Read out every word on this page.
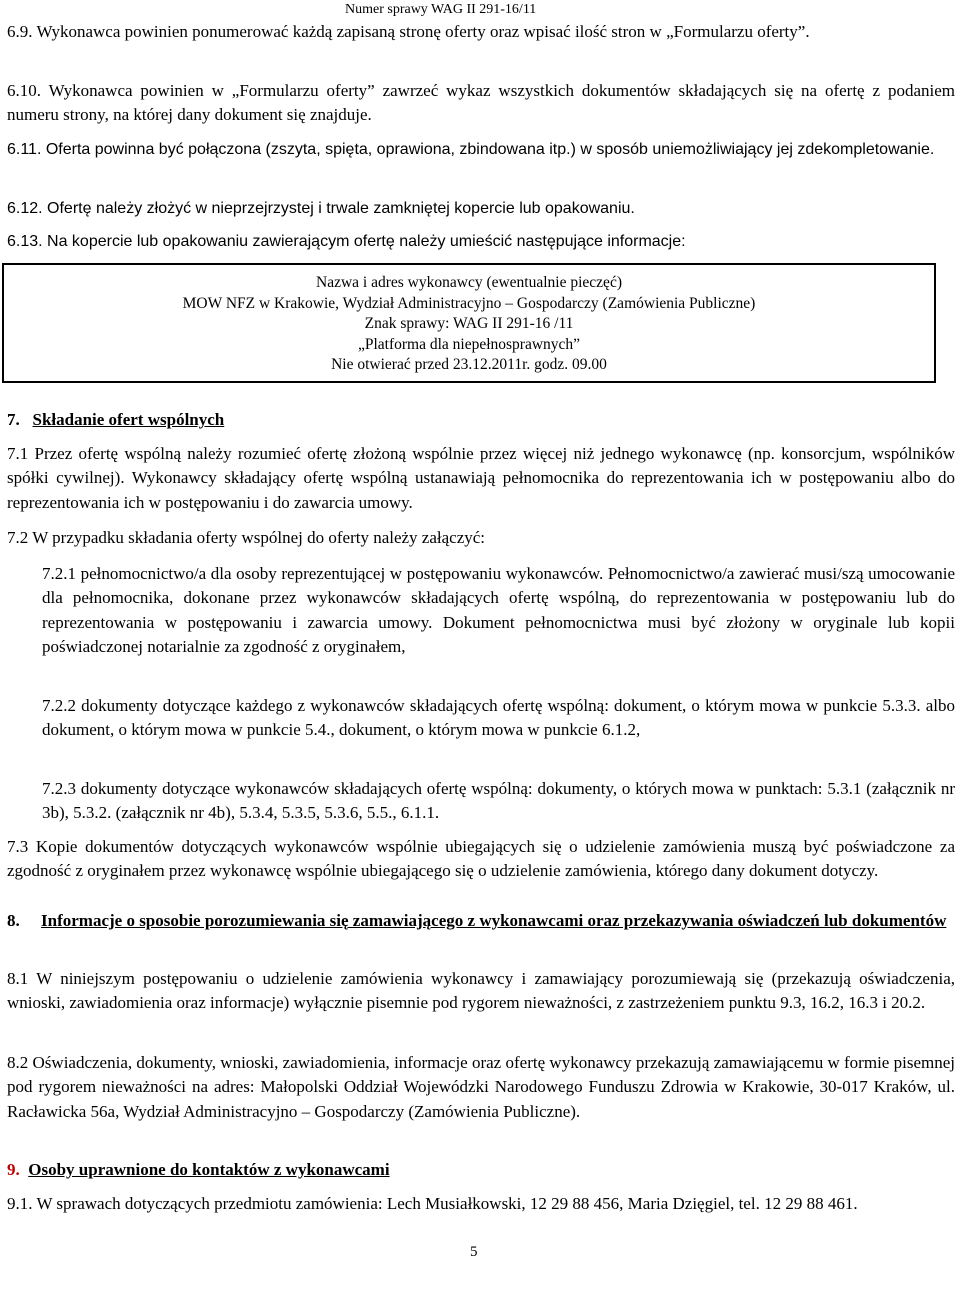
Numer sprawy WAG II 291-16/11

6.9. Wykonawca powinien ponumerować każdą zapisaną stronę oferty oraz wpisać ilość stron w „Formularzu oferty”.

6.10. Wykonawca powinien w „Formularzu oferty” zawrzeć wykaz wszystkich dokumentów składających się na ofertę z podaniem numeru strony, na której dany dokument się znajduje.

6.11. Oferta powinna być połączona (zszyta, spięta, oprawiona, zbindowana itp.) w sposób uniemożliwiający jej zdekompletowanie.

6.12. Ofertę należy złożyć w nieprzejrzystej i trwale zamkniętej kopercie lub opakowaniu.

6.13. Na kopercie lub opakowaniu zawierającym ofertę należy umieścić następujące informacje:

Nazwa i adres wykonawcy (ewentualnie pieczęć)
MOW NFZ w Krakowie, Wydział Administracyjno – Gospodarczy (Zamówienia Publiczne)
Znak sprawy: WAG II 291-16 /11
„Platforma dla niepełnosprawnych”
Nie otwierać przed 23.12.2011r. godz. 09.00

7. Składanie ofert wspólnych

7.1 Przez ofertę wspólną należy rozumieć ofertę złożoną wspólnie przez więcej niż jednego wykonawcę (np. konsorcjum, wspólników spółki cywilnej). Wykonawcy składający ofertę wspólną ustanawiają pełnomocnika do reprezentowania ich w postępowaniu albo do reprezentowania ich w postępowaniu i do zawarcia umowy.

7.2 W przypadku składania oferty wspólnej do oferty należy załączyć:

7.2.1 pełnomocnictwo/a dla osoby reprezentującej w postępowaniu wykonawców. Pełnomocnictwo/a zawierać musi/szą umocowanie dla pełnomocnika, dokonane przez wykonawców składających ofertę wspólną, do reprezentowania w postępowaniu lub do reprezentowania w postępowaniu i zawarcia umowy. Dokument pełnomocnictwa musi być złożony w oryginale lub kopii poświadczonej notarialnie za zgodność z oryginałem,

7.2.2 dokumenty dotyczące każdego z wykonawców składających ofertę wspólną: dokument, o którym mowa w punkcie 5.3.3. albo dokument, o którym mowa w punkcie 5.4., dokument, o którym mowa w punkcie 6.1.2,

7.2.3 dokumenty dotyczące wykonawców składających ofertę wspólną: dokumenty, o których mowa w punktach: 5.3.1 (załącznik nr 3b), 5.3.2. (załącznik nr 4b), 5.3.4, 5.3.5, 5.3.6, 5.5., 6.1.1.

7.3 Kopie dokumentów dotyczących wykonawców wspólnie ubiegających się o udzielenie zamówienia muszą być poświadczone za zgodność z oryginałem przez wykonawcę wspólnie ubiegającego się o udzielenie zamówienia, którego dany dokument dotyczy.

8. Informacje o sposobie porozumiewania się zamawiającego z wykonawcami oraz przekazywania oświadczeń lub dokumentów

8.1 W niniejszym postępowaniu o udzielenie zamówienia wykonawcy i zamawiający porozumiewają się (przekazują oświadczenia, wnioski, zawiadomienia oraz informacje) wyłącznie pisemnie pod rygorem nieważności, z zastrzeżeniem punktu 9.3, 16.2, 16.3 i 20.2.

8.2 Oświadczenia, dokumenty, wnioski, zawiadomienia, informacje oraz ofertę wykonawcy przekazują zamawiającemu w formie pisemnej pod rygorem nieważności na adres: Małopolski Oddział Wojewódzki Narodowego Funduszu Zdrowia w Krakowie, 30-017 Kraków, ul. Racławicka 56a, Wydział Administracyjno – Gospodarczy (Zamówienia Publiczne).

9. Osoby uprawnione do kontaktów z wykonawcami

9.1. W sprawach dotyczących przedmiotu zamówienia: Lech Musiałkowski, 12 29 88 456, Maria Dzięgiel, tel. 12 29 88 461.

5
